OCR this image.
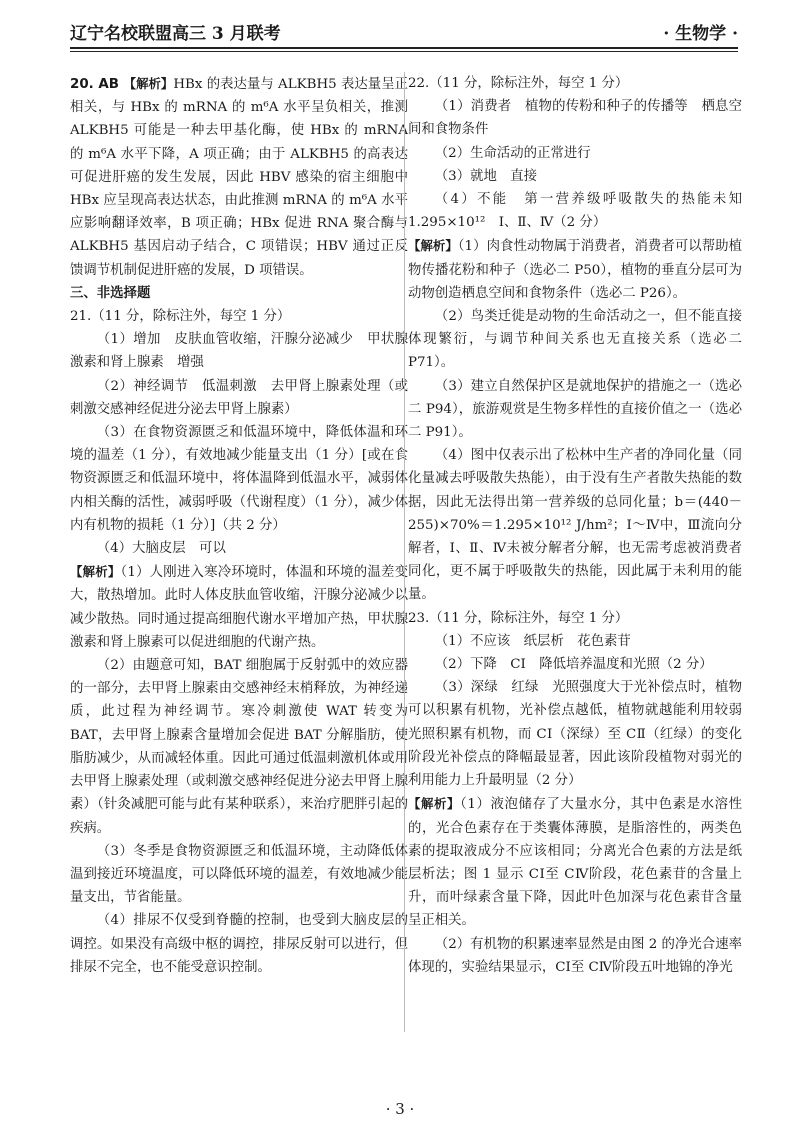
辽宁名校联盟高三 3 月联考	· 生物学 ·

20. AB 【解析】HBx 的表达量与 ALKBH5 表达量呈正相关，与 HBx 的 mRNA 的 m⁶A 水平呈负相关，推测 ALKBH5 可能是一种去甲基化酶，使 HBx 的 mRNA 的 m⁶A 水平下降，A 项正确；由于 ALKBH5 的高表达可促进肝癌的发生发展，因此 HBV 感染的宿主细胞中 HBx 应呈现高表达状态，由此推测 mRNA 的 m⁶A 水平应影响翻译效率，B 项正确；HBx 促进 RNA 聚合酶与 ALKBH5 基因启动子结合，C 项错误；HBV 通过正反馈调节机制促进肝癌的发展，D 项错误。

三、非选择题

21.（11 分，除标注外，每空 1 分）

（1）增加　皮肤血管收缩，汗腺分泌减少　甲状腺激素和肾上腺素　增强

（2）神经调节　低温刺激　去甲肾上腺素处理（或刺激交感神经促进分泌去甲肾上腺素）

（3）在食物资源匮乏和低温环境中，降低体温和环境的温差（1 分），有效地减少能量支出（1 分）[或在食物资源匮乏和低温环境中，将体温降到低温水平，减弱体内相关酶的活性，减弱呼吸（代谢程度）（1 分），减少体内有机物的损耗（1 分）]（共 2 分）

（4）大脑皮层　可以

【解析】（1）人刚进入寒冷环境时，体温和环境的温差变大，散热增加。此时人体皮肤血管收缩，汗腺分泌减少以减少散热。同时通过提高细胞代谢水平增加产热，甲状腺激素和肾上腺素可以促进细胞的代谢产热。

（2）由题意可知，BAT 细胞属于反射弧中的效应器的一部分，去甲肾上腺素由交感神经末梢释放，为神经递质，此过程为神经调节。寒冷刺激使 WAT 转变为 BAT，去甲肾上腺素含量增加会促进 BAT 分解脂肪，使脂肪减少，从而减轻体重。因此可通过低温刺激机体或用去甲肾上腺素处理（或刺激交感神经促进分泌去甲肾上腺素）（针灸减肥可能与此有某种联系），来治疗肥胖引起的疾病。

（3）冬季是食物资源匮乏和低温环境，主动降低体温到接近环境温度，可以降低环境的温差，有效地减少能量支出，节省能量。

（4）排尿不仅受到脊髓的控制，也受到大脑皮层的调控。如果没有高级中枢的调控，排尿反射可以进行，但排尿不完全，也不能受意识控制。

22.（11 分，除标注外，每空 1 分）

（1）消费者　植物的传粉和种子的传播等　栖息空间和食物条件

（2）生命活动的正常进行

（3）就地　直接

（4）不能　第一营养级呼吸散失的热能未知　1.295×10¹²　Ⅰ、Ⅱ、Ⅳ（2 分）

【解析】（1）肉食性动物属于消费者，消费者可以帮助植物传播花粉和种子（选必二 P50），植物的垂直分层可为动物创造栖息空间和食物条件（选必二 P26）。

（2）鸟类迁徙是动物的生命活动之一，但不能直接体现繁衍，与调节种间关系也无直接关系（选必二 P71）。

（3）建立自然保护区是就地保护的措施之一（选必二 P94），旅游观赏是生物多样性的直接价值之一（选必二 P91）。

（4）图中仅表示出了松林中生产者的净同化量（同化量减去呼吸散失热能），由于没有生产者散失热能的数据，因此无法得出第一营养级的总同化量；b＝(440－255)×70%＝1.295×10¹² J/hm²；Ⅰ～Ⅳ中，Ⅲ流向分解者，Ⅰ、Ⅱ、Ⅳ未被分解者分解，也无需考虑被消费者同化，更不属于呼吸散失的热能，因此属于未利用的能量。

23.（11 分，除标注外，每空 1 分）

（1）不应该　纸层析　花色素苷

（2）下降　CⅠ　降低培养温度和光照（2 分）

（3）深绿　红绿　光照强度大于光补偿点时，植物可以积累有机物，光补偿点越低，植物就越能利用较弱光照积累有机物，而 CⅠ（深绿）至 CⅡ（红绿）的变化阶段光补偿点的降幅最显著，因此该阶段植物对弱光的利用能力上升最明显（2 分）

【解析】（1）液泡储存了大量水分，其中色素是水溶性的，光合色素存在于类囊体薄膜，是脂溶性的，两类色素的提取液成分不应该相同；分离光合色素的方法是纸层析法；图 1 显示 CⅠ至 CⅣ阶段，花色素苷的含量上升，而叶绿素含量下降，因此叶色加深与花色素苷含量呈正相关。

（2）有机物的积累速率显然是由图 2 的净光合速率体现的，实验结果显示，CⅠ至 CⅣ阶段五叶地锦的净光

· 3 ·
